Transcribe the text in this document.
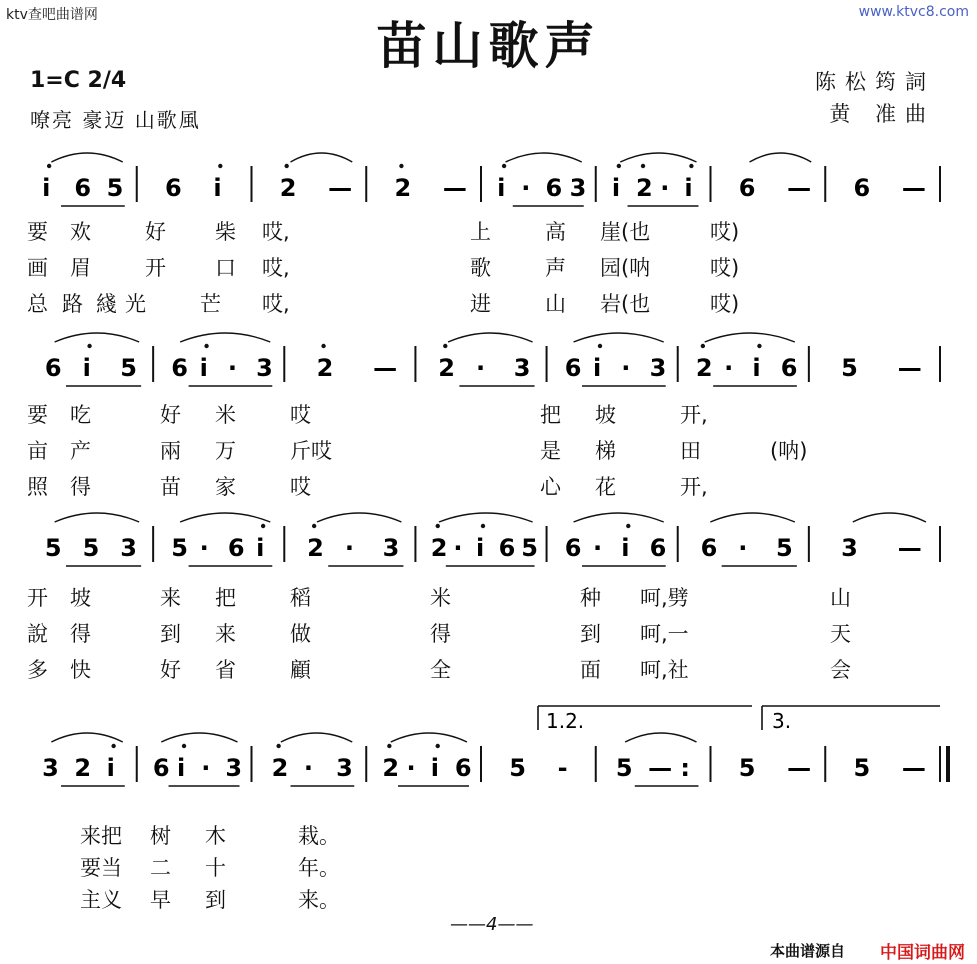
ktv查吧曲谱网	www.ktvc8.com
苗山歌声
1=C 2/4
嘹亮 豪迈 山歌風
陈松筠詞
黄 准曲
1.2.	3.
i 6 5 6 i 2 — 2 — i · 6 3 i 2 · i 6 — 6 —
6 i 5 6 i · 3 2 — 2 · 3 6 i · 3 2 · i 6 5 —
5 5 3 5 · 6 i 2 · 3 2 · i 6 5 6 · i 6 6 · 5 3 —
3 2 i 6 i · 3 2 · 3 2 · i 6 5 - 5 — : 5 — 5 —
要 欢	好 柴 哎,	上	高 崖(也	哎)
画 眉	开 口 哎,	歌	声 园(呐	哎)
总 路 綫 光	芒 哎,	进	山 岩(也	哎)
要 吃	好 米	哎	把 坡	开,
亩 产	兩 万	斤哎	是 梯	田	(呐)
照 得	苗 家	哎	心 花	开,
开 坡	来 把	稻	米	种 呵,劈	山
說 得	到 来	做	得	到 呵,一	天
多 快	好 省	顧	全	面 呵,社	会
来把 树 木	栽。
要当 二 十	年。
主义 早 到	来。
——4——
本曲谱源自 中国词曲网
